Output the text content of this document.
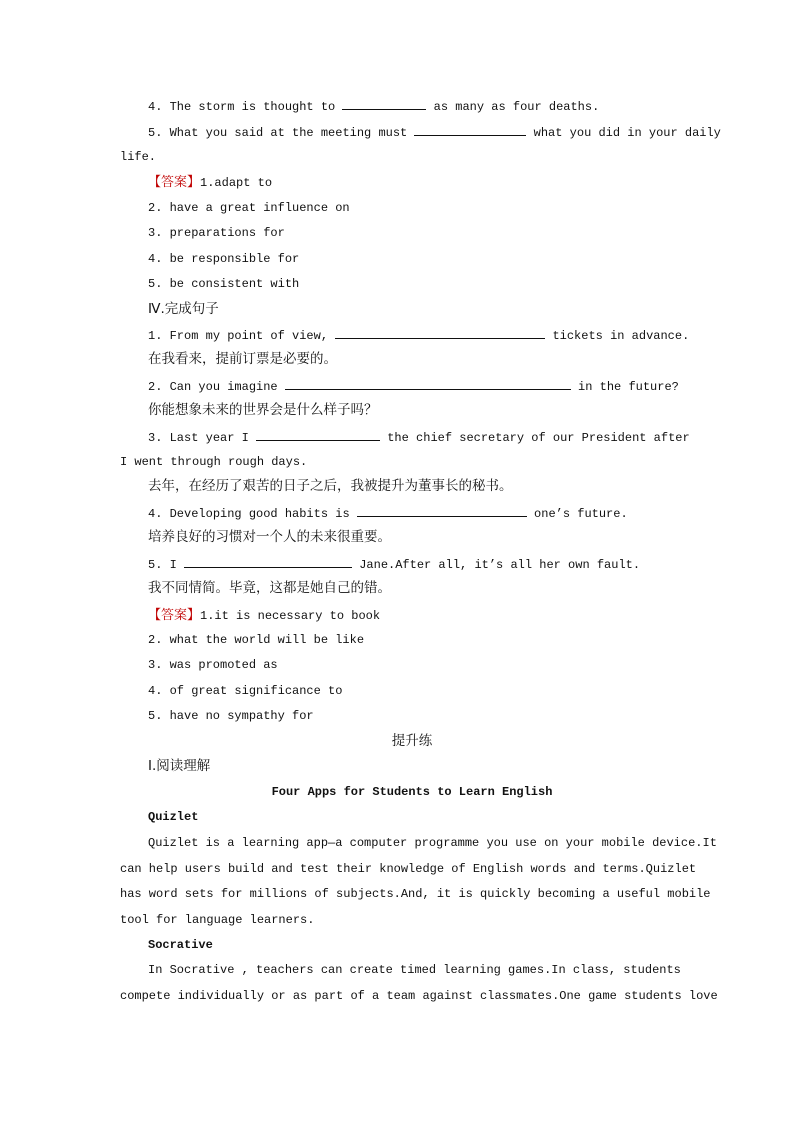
4. The storm is thought to	as many as four deaths.
5. What you said at the meeting must	what you did in your daily
life.
【答案】1.adapt to
2. have a great influence on
3. preparations for
4. be responsible for
5. be consistent with
Ⅳ.完成句子
1. From my point of view,	tickets in advance.
在我看来，提前订票是必要的。
2. Can you imagine	in the future?
你能想象未来的世界会是什么样子吗？
3. Last year I	the chief secretary of our President after
I went through rough days.
去年，在经历了艰苦的日子之后，我被提升为董事长的秘书。
4. Developing good habits is	one’s future.
培养良好的习惯对一个人的未来很重要。
5. I	Jane.After all, it’s all her own fault.
我不同情简。毕竟，这都是她自己的错。
【答案】1.it is necessary to book
2. what the world will be like
3. was promoted as
4. of great significance to
5. have no sympathy for
提升练
Ⅰ.阅读理解
Four Apps for Students to Learn English
Quizlet
Quizlet is a learning app—a computer programme you use on your mobile device.It
can help users build and test their knowledge of English words and terms.Quizlet
has word sets for millions of subjects.And, it is quickly becoming a useful mobile
tool for language learners.
Socrative
In Socrative , teachers can create timed learning games.In class, students
compete individually or as part of a team against classmates.One game students love
